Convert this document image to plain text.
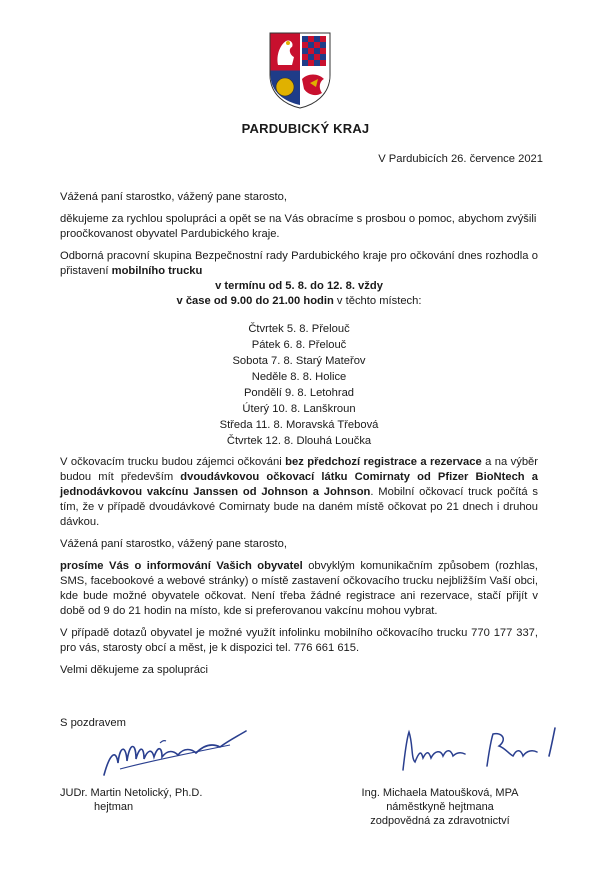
PARDUBICKÝ KRAJ
V Pardubicích 26. července 2021

Vážená paní starostko, vážený pane starosto,

děkujeme za rychlou spolupráci a opět se na Vás obracíme s prosbou o pomoc, abychom zvýšili proočkovanost obyvatel Pardubického kraje.

Odborná pracovní skupina Bezpečnostní rady Pardubického kraje pro očkování dnes rozhodla o přistavení mobilního trucku

v termínu od 5. 8. do 12. 8. vždy
v čase od 9.00 do 21.00 hodin v těchto místech:
Čtvrtek 5. 8. Přelouč
Pátek 6. 8. Přelouč
Sobota 7. 8. Starý Mateřov
Neděle 8. 8. Holice
Pondělí 9. 8. Letohrad
Úterý 10. 8. Lanškroun
Středa 11. 8. Moravská Třebová
Čtvrtek 12. 8. Dlouhá Loučka

V očkovacím trucku budou zájemci očkováni bez předchozí registrace a rezervace a na výběr budou mít především dvoudávkovou očkovací látku Comirnaty od Pfizer BioNtech a jednodávkovou vakcínu Janssen od Johnson a Johnson. Mobilní očkovací truck počítá s tím, že v případě dvoudávkové Comirnaty bude na daném místě očkovat po 21 dnech i druhou dávkou.

Vážená paní starostko, vážený pane starosto,

prosíme Vás o informování Vašich obyvatel obvyklým komunikačním způsobem (rozhlas, SMS, facebookové a webové stránky) o místě zastavení očkovacího trucku nejbližším Vaší obci, kde bude možné obyvatele očkovat. Není třeba žádné registrace ani rezervace, stačí přijít v době od 9 do 21 hodin na místo, kde si preferovanou vakcínu mohou vybrat.

V případě dotazů obyvatel je možné využít infolinku mobilního očkovacího trucku 770 177 337, pro vás, starosty obcí a měst, je k dispozici tel. 776 661 615.

Velmi děkujeme za spolupráci

S pozdravem
JUDr. Martin Netolický, Ph.D.
hejtman
Ing. Michaela Matoušková, MPA
náměstkyně hejtmana
zodpovědná za zdravotnictví
